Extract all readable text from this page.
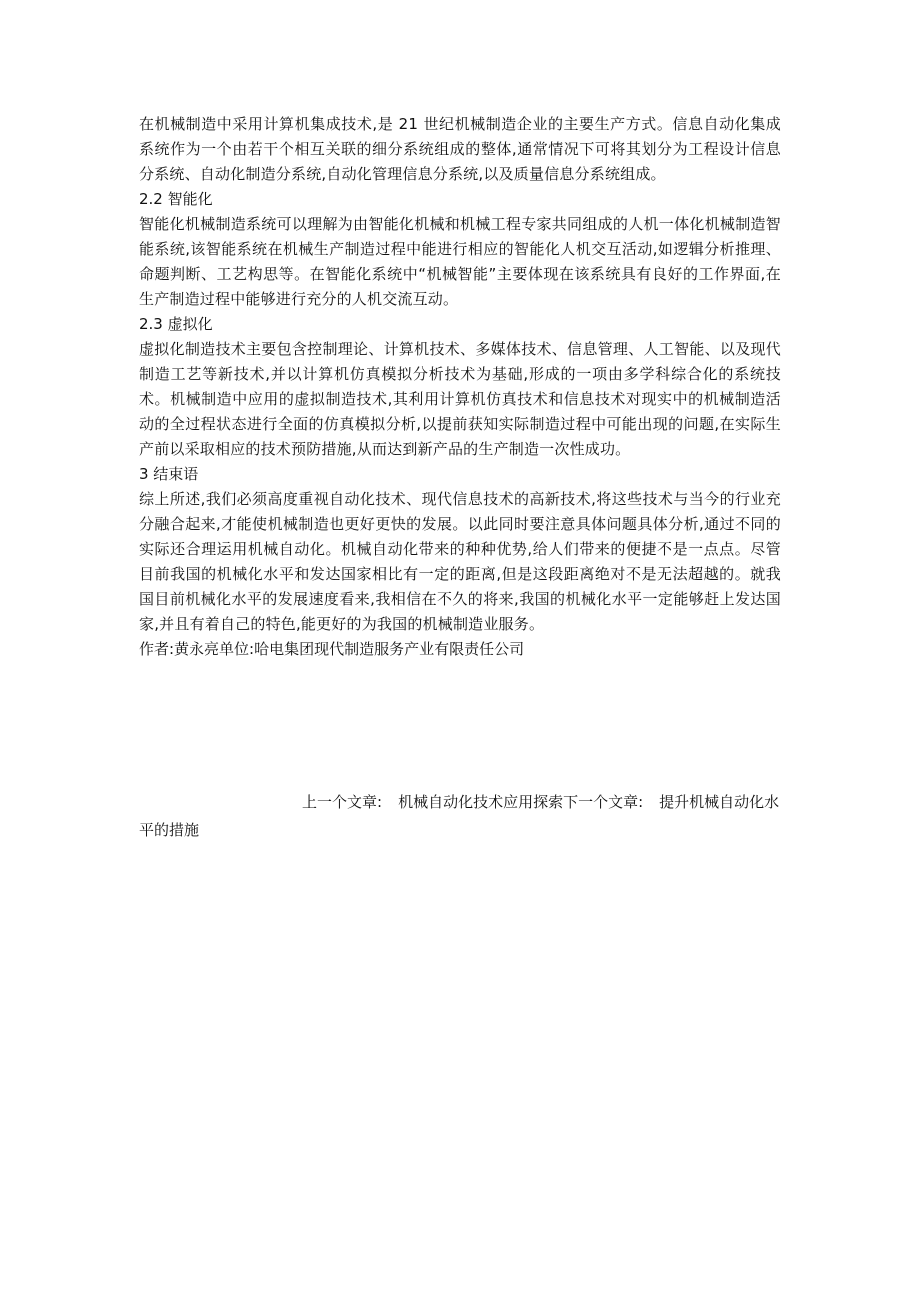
在机械制造中采用计算机集成技术,是 21 世纪机械制造企业的主要生产方式。信息自动化集成系统作为一个由若干个相互关联的细分系统组成的整体,通常情况下可将其划分为工程设计信息分系统、自动化制造分系统,自动化管理信息分系统,以及质量信息分系统组成。

2.2 智能化

智能化机械制造系统可以理解为由智能化机械和机械工程专家共同组成的人机一体化机械制造智能系统,该智能系统在机械生产制造过程中能进行相应的智能化人机交互活动,如逻辑分析推理、命题判断、工艺构思等。在智能化系统中“机械智能”主要体现在该系统具有良好的工作界面,在生产制造过程中能够进行充分的人机交流互动。

2.3 虚拟化

虚拟化制造技术主要包含控制理论、计算机技术、多媒体技术、信息管理、人工智能、以及现代制造工艺等新技术,并以计算机仿真模拟分析技术为基础,形成的一项由多学科综合化的系统技术。机械制造中应用的虚拟制造技术,其利用计算机仿真技术和信息技术对现实中的机械制造活动的全过程状态进行全面的仿真模拟分析,以提前获知实际制造过程中可能出现的问题,在实际生产前以采取相应的技术预防措施,从而达到新产品的生产制造一次性成功。

3 结束语

综上所述,我们必须高度重视自动化技术、现代信息技术的高新技术,将这些技术与当今的行业充分融合起来,才能使机械制造也更好更快的发展。以此同时要注意具体问题具体分析,通过不同的实际还合理运用机械自动化。机械自动化带来的种种优势,给人们带来的便捷不是一点点。尽管目前我国的机械化水平和发达国家相比有一定的距离,但是这段距离绝对不是无法超越的。就我国目前机械化水平的发展速度看来,我相信在不久的将来,我国的机械化水平一定能够赶上发达国家,并且有着自己的特色,能更好的为我国的机械制造业服务。

作者:黄永亮单位:哈电集团现代制造服务产业有限责任公司

上一个文章: 机械自动化技术应用探索下一个文章: 提升机械自动化水平的措施
